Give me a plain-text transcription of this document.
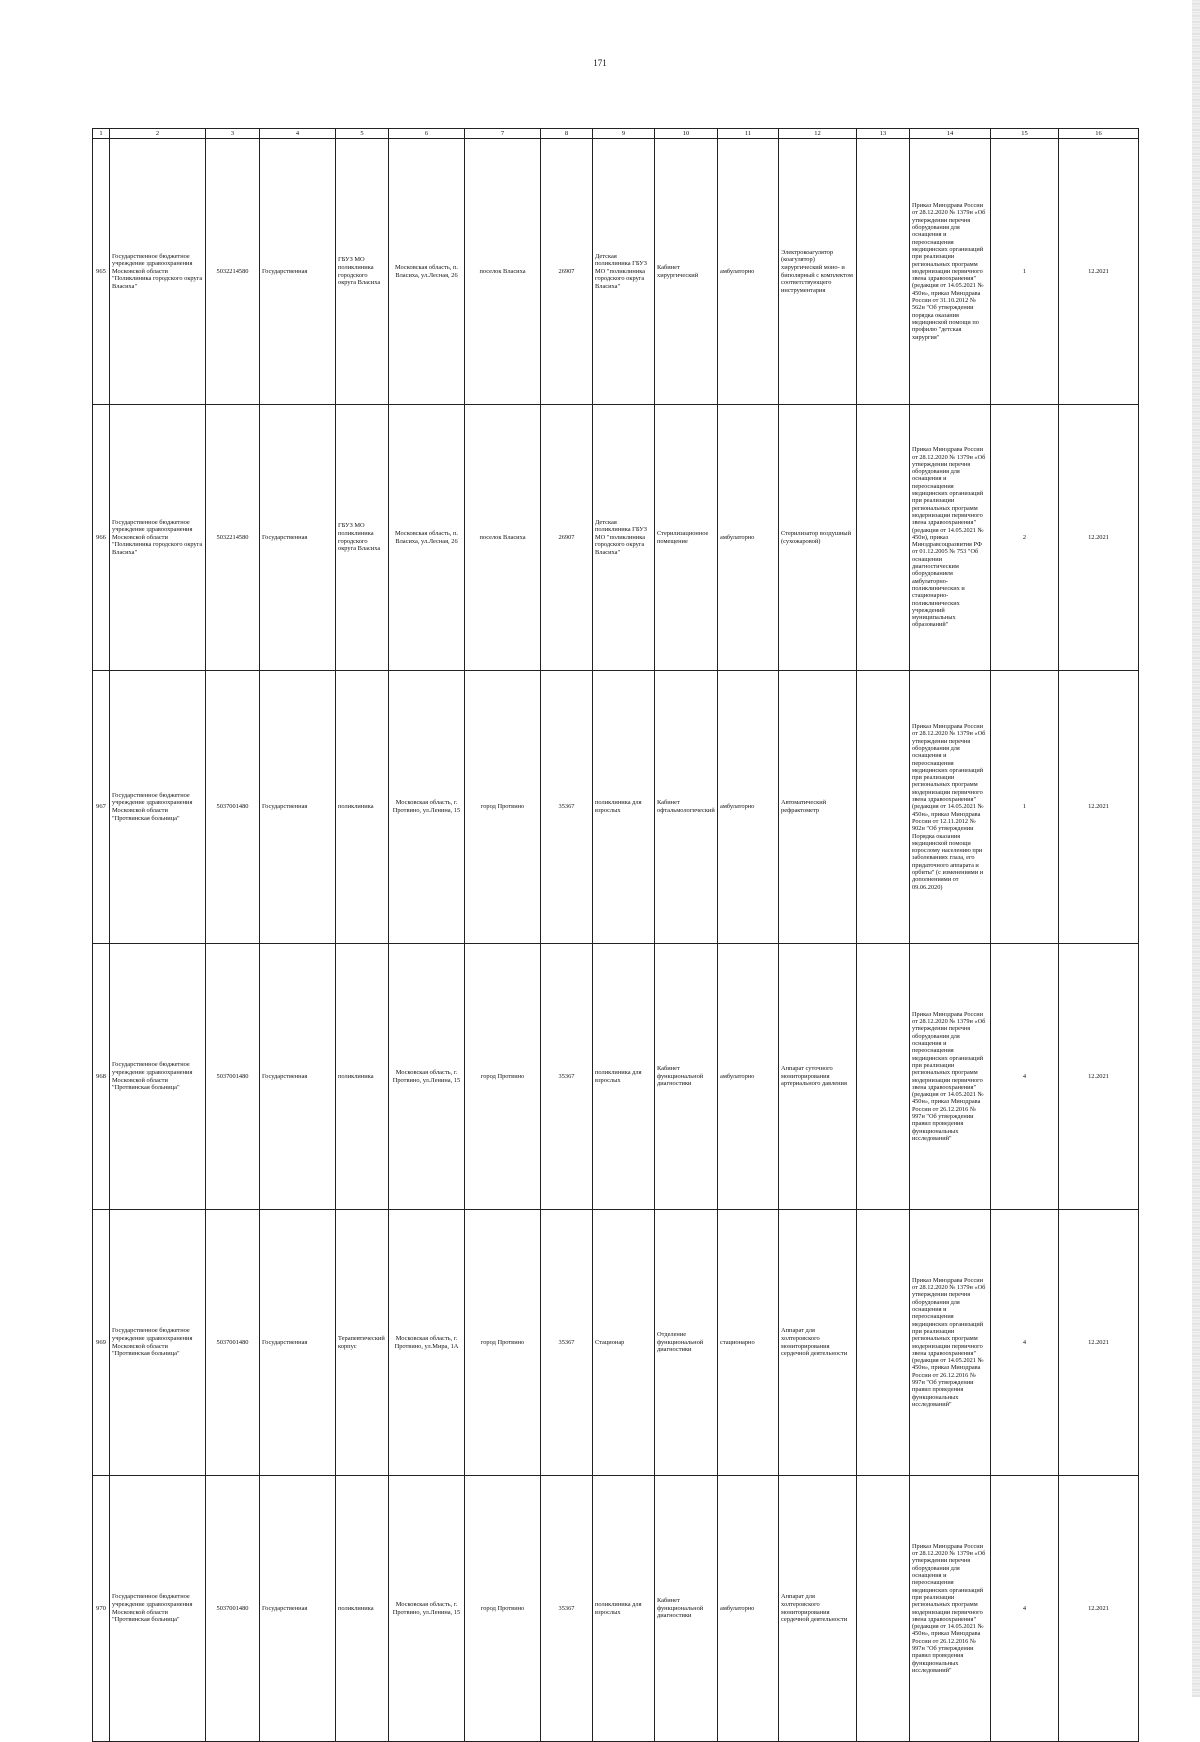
171
1	2	3	4	5	6	7	8	9	10	11	12	13	14	15	16
965	Государственное бюджетное учреждение здравоохранения Московской области "Поликлиника городского округа Власиха"	5032214580	Государственная	ГБУЗ МО поликлиника городского округа Власиха	Московская область, п. Власиха, ул.Лесная, 26	поселок Власиха	26907	Детская поликлиника ГБУЗ МО "поликлиника городского округа Власиха"	Кабинет хирургический	амбулаторно	Электрокоагулятор (коагулятор) хирургический моно- и биполярный с комплектом соответствующего инструментария		Приказ Минздрава России от 28.12.2020 № 1379н «Об утверждении перечня оборудования для оснащения и переоснащения медицинских организаций при реализации региональных программ модернизации первичного звена здравоохранения"(редакция от 14.05.2021 № 450н», приказ Минздрава России от 31.10.2012 № 562н "Об утверждении порядка оказания медицинской помощи по профилю "детская хирургия"	1	12.2021
966	Государственное бюджетное учреждение здравоохранения Московской области "Поликлиника городского округа Власиха"	5032214580	Государственная	ГБУЗ МО поликлиника городского округа Власиха	Московская область, п. Власиха, ул.Лесная, 26	поселок Власиха	26907	Детская поликлиника ГБУЗ МО "поликлиника городского округа Власиха"	Стерилизационное помещение	амбулаторно	Стерилизатор воздушный (сухожаровой)		Приказ Минздрава России от 28.12.2020 № 1379н «Об утверждении перечня оборудования для оснащения и переоснащения медицинских организаций при реализации региональных программ модернизации первичного звена здравоохранения"(редакция от 14.05.2021 № 450н), приказ Минздравсоцразвития РФ от 01.12.2005 № 753 "Об оснащении диагностическим оборудованием амбулаторно-поликлинических и стационарно-поликлинических учреждений муниципальных образований"	2	12.2021
967	Государственное бюджетное учреждение здравоохранения Московской области "Протвинская больница"	5037001480	Государственная	поликлиника	Московская область, г. Протвино, ул.Ленина, 15	город Протвино	35367	поликлиника для взрослых	Кабинет офтальмологический	амбулаторно	Автоматический рефрактометр		Приказ Минздрава России от 28.12.2020 № 1379н «Об утверждении перечня оборудования для оснащения и переоснащения медицинских организаций при реализации региональных программ модернизации первичного звена здравоохранения"(редакция от 14.05.2021 № 450н», приказ Минздрава России от 12.11.2012 № 902н "Об утверждении Порядка оказания медицинской помощи взрослому населению при заболеваниях глаза, его придаточного аппарата и орбиты" (с изменениями и дополнениями от 09.06.2020)	1	12.2021
968	Государственное бюджетное учреждение здравоохранения Московской области "Протвинская больница"	5037001480	Государственная	поликлиника	Московская область, г. Протвино, ул.Ленина, 15	город Протвино	35367	поликлиника для взрослых	Кабинет функциональной диагностики	амбулаторно	Аппарат суточного мониторирования артериального давления		Приказ Минздрава России от 28.12.2020 № 1379н «Об утверждении перечня оборудования для оснащения и переоснащения медицинских организаций при реализации региональных программ модернизации первичного звена здравоохранения"(редакция от 14.05.2021 № 450н», приказ Минздрава России от 26.12.2016 № 997н "Об утверждении правил проведения функциональных исследований"	4	12.2021
969	Государственное бюджетное учреждение здравоохранения Московской области "Протвинская больница"	5037001480	Государственная	Терапевтический корпус	Московская область, г. Протвино, ул.Мира, 1А	город Протвино	35367	Стационар	Отделение функциональной диагностики	стационарно	Аппарат для холтеровского мониторирования сердечной деятельности		Приказ Минздрава России от 28.12.2020 № 1379н «Об утверждении перечня оборудования для оснащения и переоснащения медицинских организаций при реализации региональных программ модернизации первичного звена здравоохранения"(редакция от 14.05.2021 № 450н», приказ Минздрава России от 26.12.2016 № 997н "Об утверждении правил проведения функциональных исследований"	4	12.2021
970	Государственное бюджетное учреждение здравоохранения Московской области "Протвинская больница"	5037001480	Государственная	поликлиника	Московская область, г. Протвино, ул.Ленина, 15	город Протвино	35367	поликлиника для взрослых	Кабинет функциональной диагностики	амбулаторно	Аппарат для холтеровского мониторирования сердечной деятельности		Приказ Минздрава России от 28.12.2020 № 1379н «Об утверждении перечня оборудования для оснащения и переоснащения медицинских организаций при реализации региональных программ модернизации первичного звена здравоохранения"(редакция от 14.05.2021 № 450н», приказ Минздрава России от 26.12.2016 № 997н "Об утверждении правил проведения функциональных исследований"	4	12.2021
